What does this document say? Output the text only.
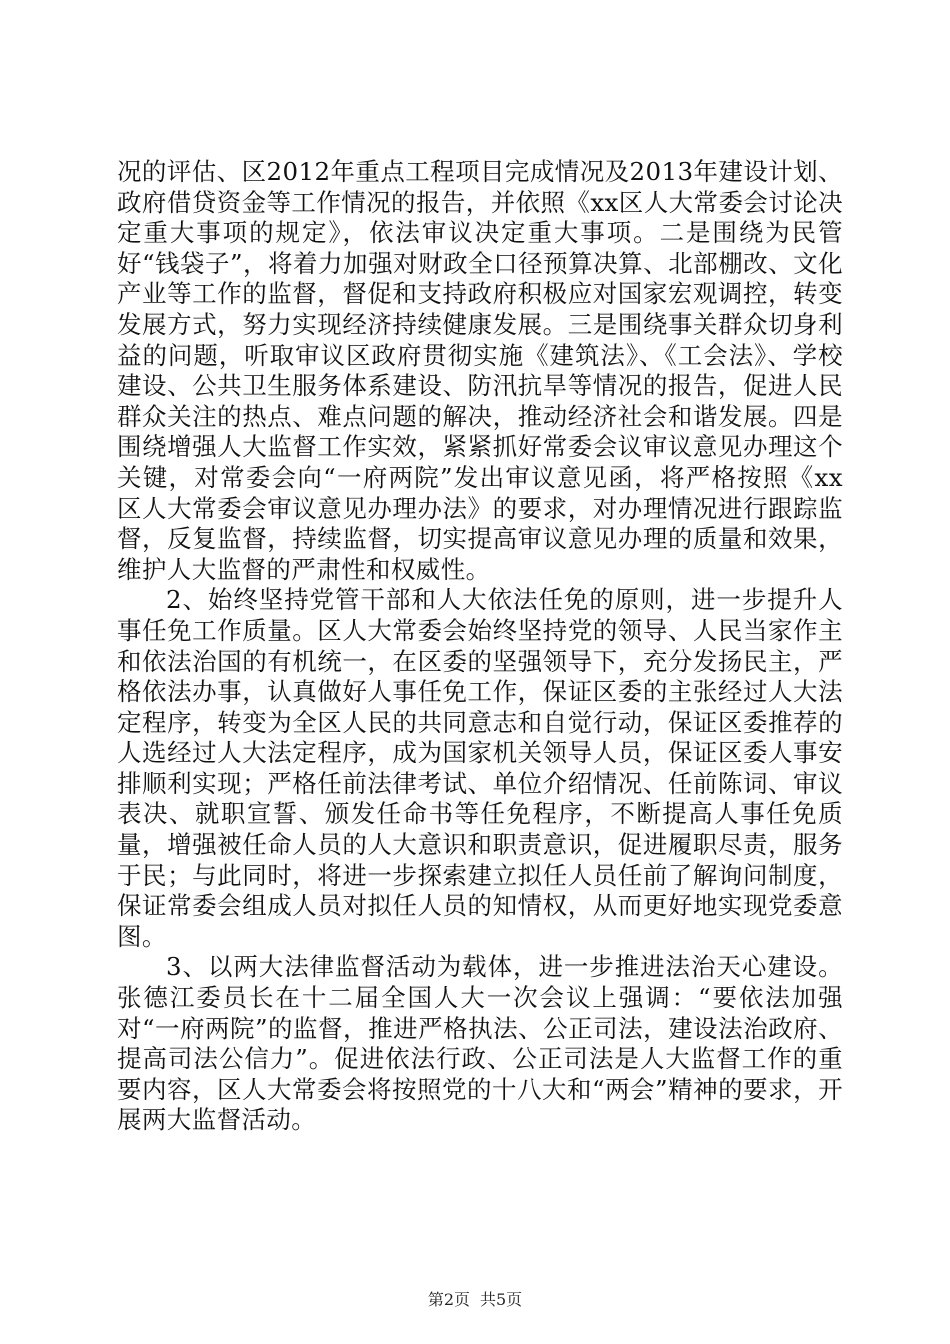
况的评估、区2012年重点工程项目完成情况及2013年建设计划、政府借贷资金等工作情况的报告，并依照《xx区人大常委会讨论决定重大事项的规定》，依法审议决定重大事项。二是围绕为民管好“钱袋子”，将着力加强对财政全口径预算决算、北部棚改、文化产业等工作的监督，督促和支持政府积极应对国家宏观调控，转变发展方式，努力实现经济持续健康发展。三是围绕事关群众切身利益的问题，听取审议区政府贯彻实施《建筑法》、《工会法》、学校建设、公共卫生服务体系建设、防汛抗旱等情况的报告，促进人民群众关注的热点、难点问题的解决，推动经济社会和谐发展。四是围绕增强人大监督工作实效，紧紧抓好常委会议审议意见办理这个关键，对常委会向“一府两院”发出审议意见函，将严格按照《xx区人大常委会审议意见办理办法》的要求，对办理情况进行跟踪监督，反复监督，持续监督，切实提高审议意见办理的质量和效果，维护人大监督的严肃性和权威性。

2、始终坚持党管干部和人大依法任免的原则，进一步提升人事任免工作质量。区人大常委会始终坚持党的领导、人民当家作主和依法治国的有机统一，在区委的坚强领导下，充分发扬民主，严格依法办事，认真做好人事任免工作，保证区委的主张经过人大法定程序，转变为全区人民的共同意志和自觉行动，保证区委推荐的人选经过人大法定程序，成为国家机关领导人员，保证区委人事安排顺利实现；严格任前法律考试、单位介绍情况、任前陈词、审议表决、就职宣誓、颁发任命书等任免程序，不断提高人事任免质量，增强被任命人员的人大意识和职责意识，促进履职尽责，服务于民；与此同时，将进一步探索建立拟任人员任前了解询问制度，保证常委会组成人员对拟任人员的知情权，从而更好地实现党委意图。

3、以两大法律监督活动为载体，进一步推进法治天心建设。张德江委员长在十二届全国人大一次会议上强调：“要依法加强对“一府两院”的监督，推进严格执法、公正司法，建设法治政府、提高司法公信力”。促进依法行政、公正司法是人大监督工作的重要内容，区人大常委会将按照党的十八大和“两会”精神的要求，开展两大监督活动。

第2页 共5页
